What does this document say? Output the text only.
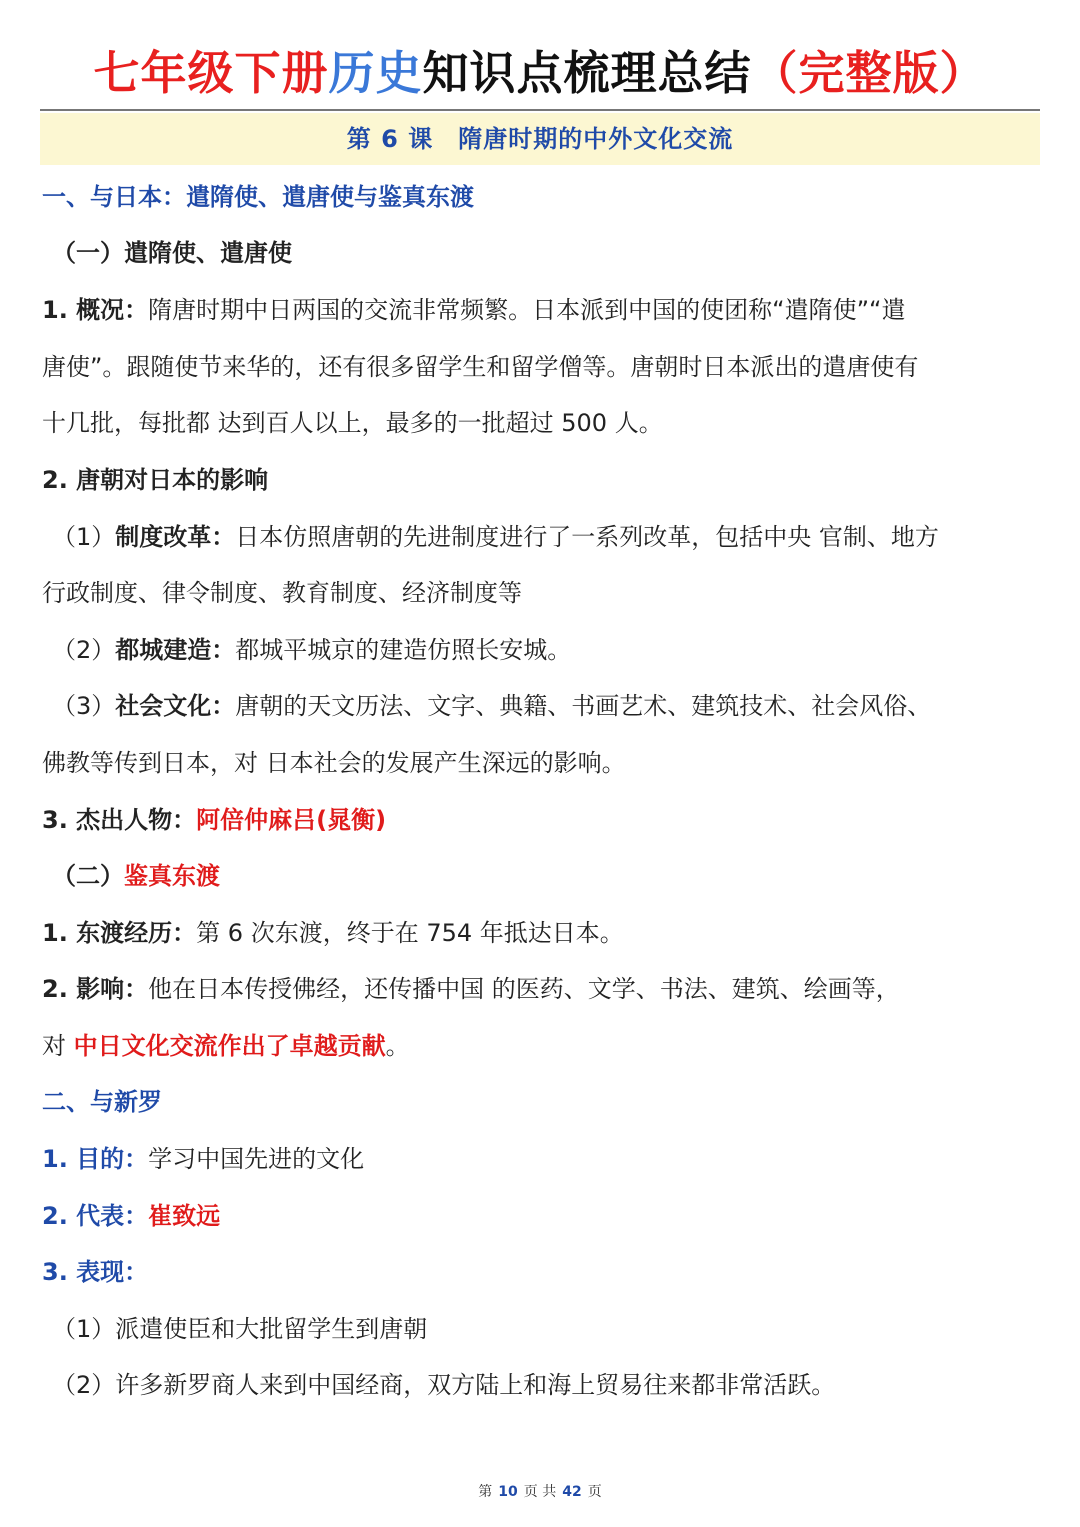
七年级下册历史知识点梳理总结（完整版）
第 6 课　隋唐时期的中外文化交流
一、与日本：遣隋使、遣唐使与鉴真东渡
（一）遣隋使、遣唐使
1. 概况：隋唐时期中日两国的交流非常频繁。日本派到中国的使团称“遣隋使”“遣
唐使”。跟随使节来华的，还有很多留学生和留学僧等。唐朝时日本派出的遣唐使有
十几批，每批都 达到百人以上，最多的一批超过 500 人。
2. 唐朝对日本的影响
（1）制度改革：日本仿照唐朝的先进制度进行了一系列改革，包括中央 官制、地方
行政制度、律令制度、教育制度、经济制度等
（2）都城建造：都城平城京的建造仿照长安城。
（3）社会文化：唐朝的天文历法、文字、典籍、书画艺术、建筑技术、社会风俗、
佛教等传到日本，对 日本社会的发展产生深远的影响。
3. 杰出人物：阿倍仲麻吕(晁衡)
（二）鉴真东渡
1. 东渡经历：第 6 次东渡，终于在 754 年抵达日本。
2. 影响：他在日本传授佛经，还传播中国 的医药、文学、书法、建筑、绘画等，
对 中日文化交流作出了卓越贡献。
二、与新罗
1. 目的：学习中国先进的文化
2. 代表：崔致远
3. 表现：
（1）派遣使臣和大批留学生到唐朝
（2）许多新罗商人来到中国经商，双方陆上和海上贸易往来都非常活跃。
第 10 页 共 42 页
